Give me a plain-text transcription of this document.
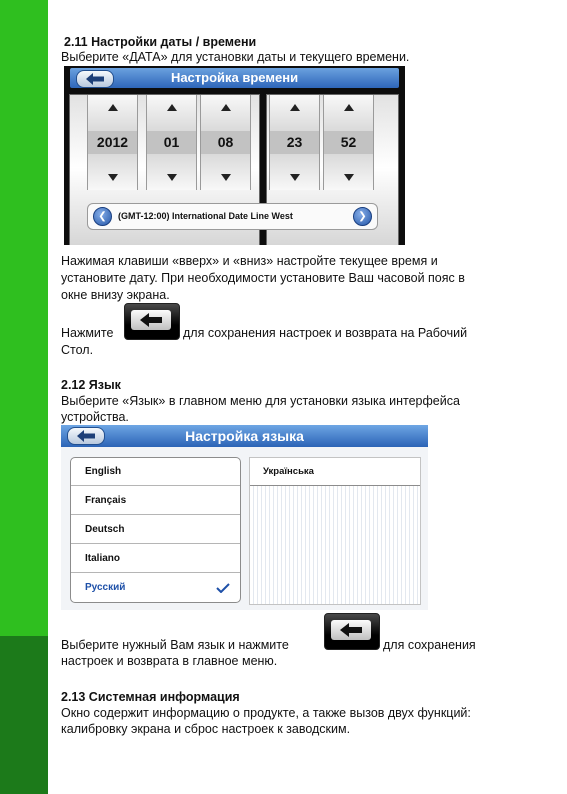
2.11 Настройки даты / времени

Выберите «ДАТА» для установки даты и текущего времени.

Настройка времени
2012	01	08	23	52
❮	(GMT-12:00) International Date Line West	❯

Нажимая клавиши «вверх» и «вниз» настройте текущее время и

установите дату. При необходимости установите Ваш часовой пояс в

окне внизу экрана.

Нажмите	для сохранения настроек и возврата на Рабочий

Стол.

2.12 Язык

Выберите «Язык» в главном меню для установки языка интерфейса

устройства.

Настройка языка
English
Français
Deutsch
Italiano
Русский
Українська

Выберите нужный Вам язык и нажмите	для сохранения

настроек и возврата в главное меню.

2.13 Системная информация

Окно содержит информацию о продукте, а также вызов двух функций:

калибровку экрана и сброс настроек к заводским.
